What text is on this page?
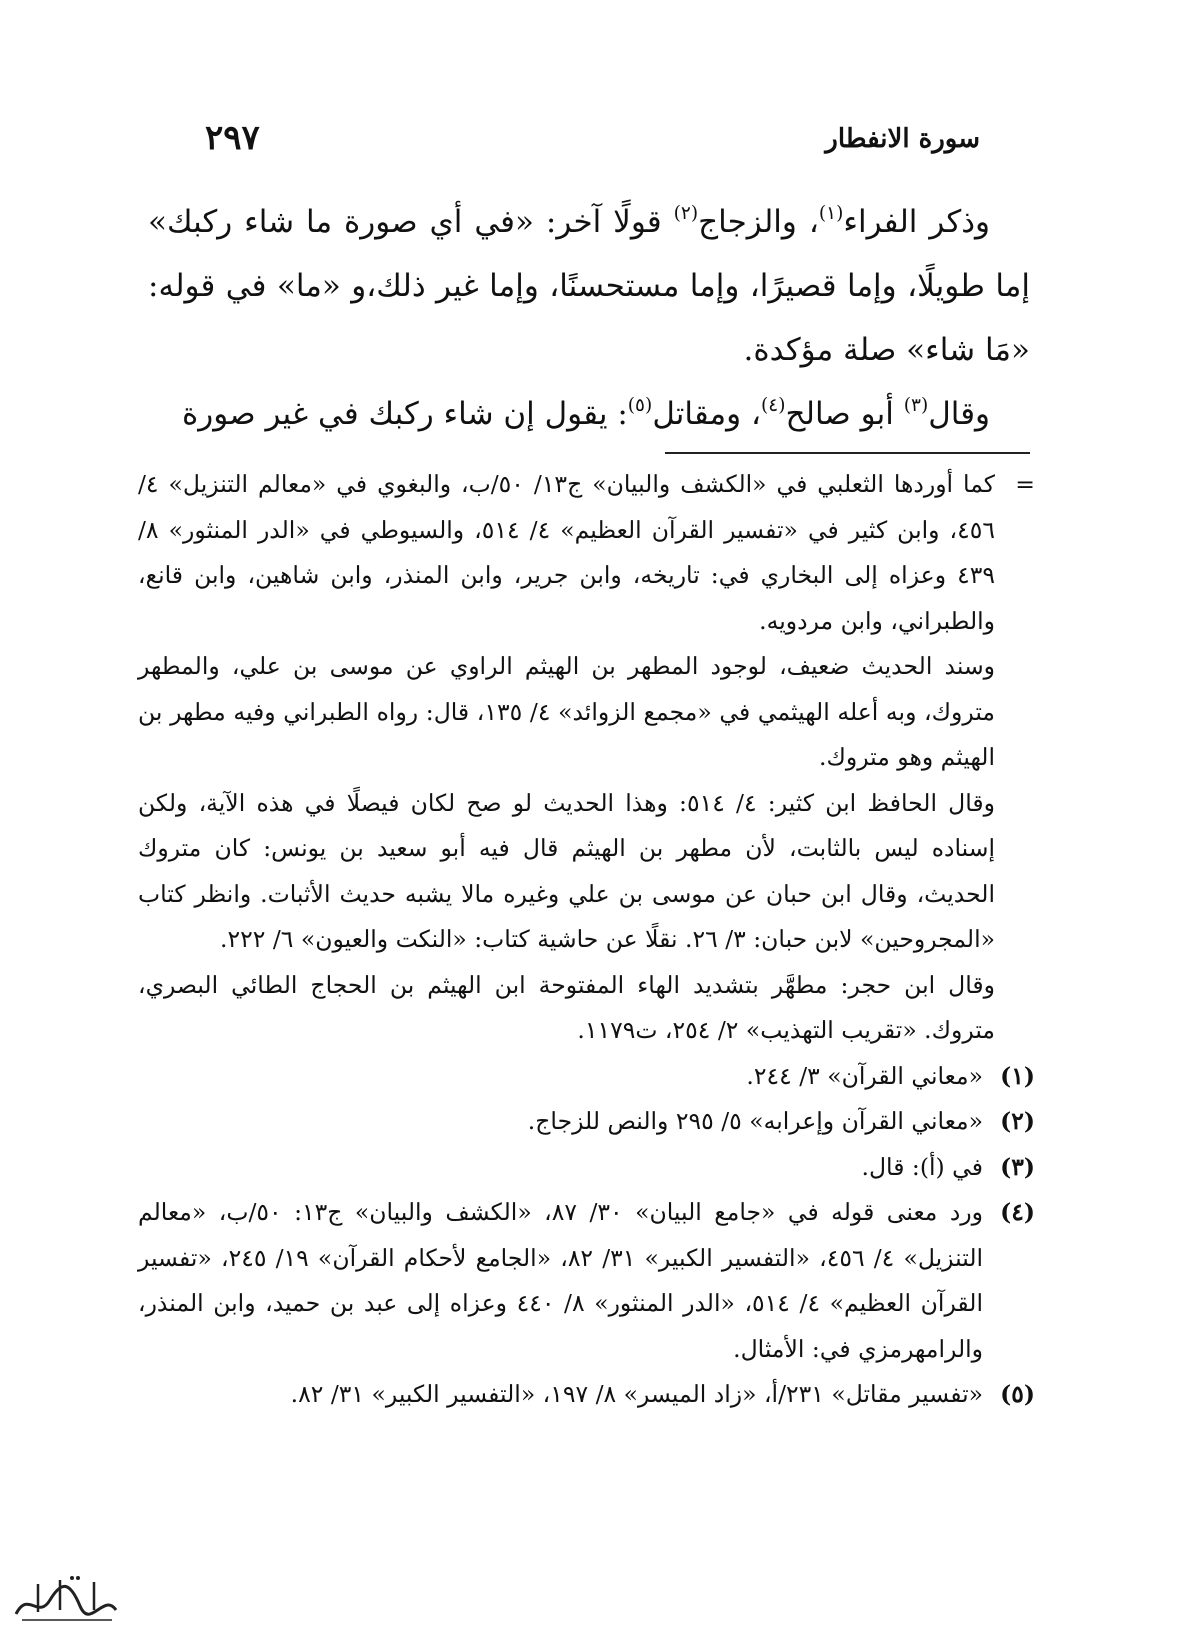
سورة الانفطار
٢٩٧

وذكر الفراء$^{(١)}$، والزجاج$^{(٢)}$ قولًا آخر: «في أي صورة ما شاء ركبك» إما طويلًا، وإما قصيرًا، وإما مستحسنًا، وإما غير ذلك،و «ما» في قوله: «مَا شاء» صلة مؤكدة.

وقال$^{(٣)}$ أبو صالح$^{(٤)}$، ومقاتل$^{(٥)}$: يقول إن شاء ركبك في غير صورة

=
كما أوردها الثعلبي في «الكشف والبيان» ج١٣/ ٥٠/ب، والبغوي في «معالم التنزيل» ٤/ ٤٥٦، وابن كثير في «تفسير القرآن العظيم» ٤/ ٥١٤، والسيوطي في «الدر المنثور» ٨/ ٤٣٩ وعزاه إلى البخاري في: تاريخه، وابن جرير، وابن المنذر، وابن شاهين، وابن قانع، والطبراني، وابن مردويه.

وسند الحديث ضعيف، لوجود المطهر بن الهيثم الراوي عن موسى بن علي، والمطهر متروك، وبه أعله الهيثمي في «مجمع الزوائد» ٤/ ١٣٥، قال: رواه الطبراني وفيه مطهر بن الهيثم وهو متروك.

وقال الحافظ ابن كثير: ٤/ ٥١٤: وهذا الحديث لو صح لكان فيصلًا في هذه الآية، ولكن إسناده ليس بالثابت، لأن مطهر بن الهيثم قال فيه أبو سعيد بن يونس: كان متروك الحديث، وقال ابن حبان عن موسى بن علي وغيره مالا يشبه حديث الأثبات. وانظر كتاب «المجروحين» لابن حبان: ٣/ ٢٦. نقلًا عن حاشية كتاب: «النكت والعيون» ٦/ ٢٢٢.

وقال ابن حجر: مطهَّر بتشديد الهاء المفتوحة ابن الهيثم بن الحجاج الطائي البصري، متروك. «تقريب التهذيب» ٢/ ٢٥٤، ت١١٧٩.

(١)
«معاني القرآن» ٣/ ٢٤٤.

(٢)
«معاني القرآن وإعرابه» ٥/ ٢٩٥ والنص للزجاج.

(٣)
في (أ): قال.

(٤)
ورد معنى قوله في «جامع البيان» ٣٠/ ٨٧، «الكشف والبيان» ج١٣: ٥٠/ب، «معالم التنزيل» ٤/ ٤٥٦، «التفسير الكبير» ٣١/ ٨٢، «الجامع لأحكام القرآن» ١٩/ ٢٤٥، «تفسير القرآن العظيم» ٤/ ٥١٤، «الدر المنثور» ٨/ ٤٤٠ وعزاه إلى عبد بن حميد، وابن المنذر، والرامهرمزي في: الأمثال.

(٥)
«تفسير مقاتل» ٢٣١/أ، «زاد الميسر» ٨/ ١٩٧، «التفسير الكبير» ٣١/ ٨٢.
